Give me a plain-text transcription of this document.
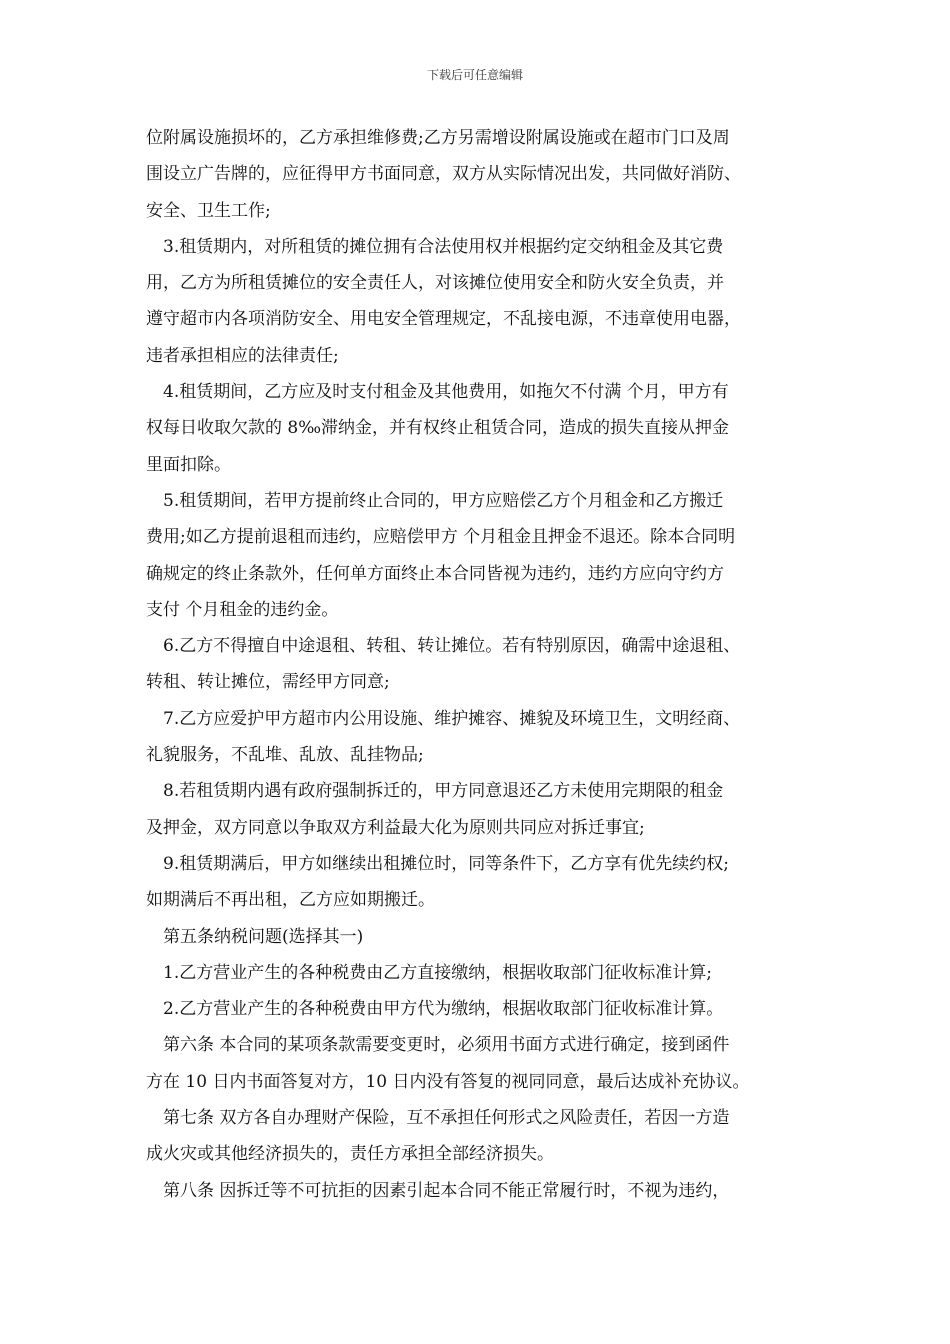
下载后可任意编辑

位附属设施损坏的，乙方承担维修费;乙方另需增设附属设施或在超市门口及周

围设立广告牌的，应征得甲方书面同意，双方从实际情况出发，共同做好消防、

安全、卫生工作;

3.租赁期内，对所租赁的摊位拥有合法使用权并根据约定交纳租金及其它费

用，乙方为所租赁摊位的安全责任人，对该摊位使用安全和防火安全负责，并

遵守超市内各项消防安全、用电安全管理规定，不乱接电源，不违章使用电器，

违者承担相应的法律责任;

4.租赁期间，乙方应及时支付租金及其他费用，如拖欠不付满 个月，甲方有

权每日收取欠款的 8‰滞纳金，并有权终止租赁合同，造成的损失直接从押金

里面扣除。

5.租赁期间，若甲方提前终止合同的，甲方应赔偿乙方个月租金和乙方搬迁

费用;如乙方提前退租而违约，应赔偿甲方 个月租金且押金不退还。除本合同明

确规定的终止条款外，任何单方面终止本合同皆视为违约，违约方应向守约方

支付 个月租金的违约金。

6.乙方不得擅自中途退租、转租、转让摊位。若有特别原因，确需中途退租、

转租、转让摊位，需经甲方同意;

7.乙方应爱护甲方超市内公用设施、维护摊容、摊貌及环境卫生，文明经商、

礼貌服务，不乱堆、乱放、乱挂物品;

8.若租赁期内遇有政府强制拆迁的，甲方同意退还乙方未使用完期限的租金

及押金，双方同意以争取双方利益最大化为原则共同应对拆迁事宜;

9.租赁期满后，甲方如继续出租摊位时，同等条件下，乙方享有优先续约权;

如期满后不再出租，乙方应如期搬迁。

第五条纳税问题(选择其一)

1.乙方营业产生的各种税费由乙方直接缴纳，根据收取部门征收标准计算;

2.乙方营业产生的各种税费由甲方代为缴纳，根据收取部门征收标准计算。

第六条 本合同的某项条款需要变更时，必须用书面方式进行确定，接到函件

方在 10 日内书面答复对方，10 日内没有答复的视同同意，最后达成补充协议。

第七条 双方各自办理财产保险，互不承担任何形式之风险责任，若因一方造

成火灾或其他经济损失的，责任方承担全部经济损失。

第八条 因拆迁等不可抗拒的因素引起本合同不能正常履行时，不视为违约，
